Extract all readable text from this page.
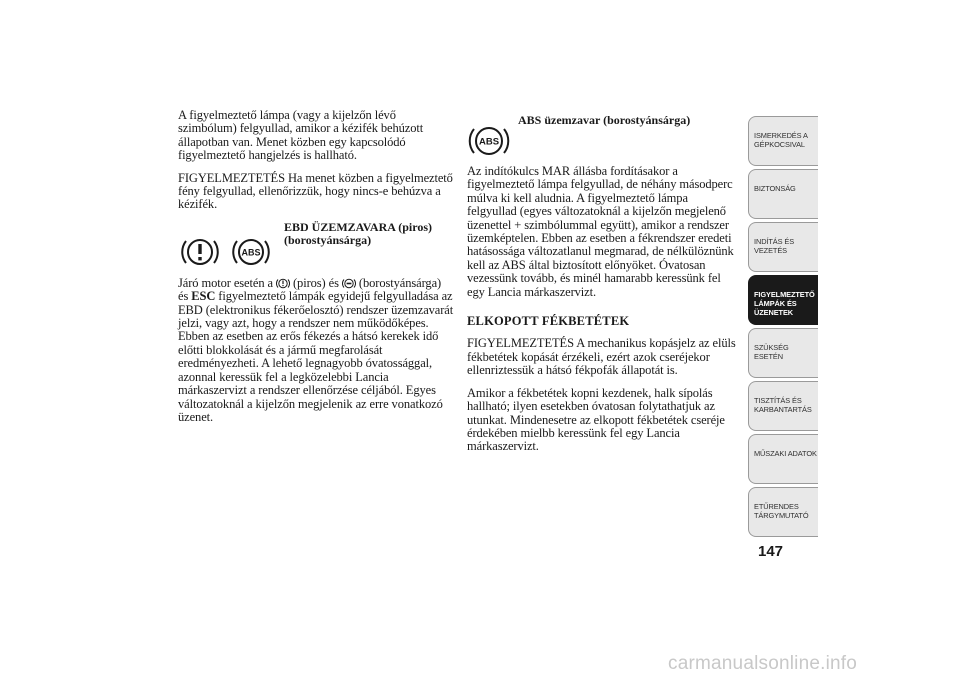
A figyelmeztető lámpa (vagy a kijelzőn lévő szimbólum) felgyullad, amikor a kézifék behúzott állapotban van. Menet közben egy kapcsolódó figyelmeztető hangjelzés is hallható.

FIGYELMEZTETÉS Ha menet közben a figyelmeztető fény felgyullad, ellenőrizzük, hogy nincs-e behúzva a kézifék.

ABS
EBD ÜZEMZAVARA (piros)
(borostyánsárga)

Járó motor esetén a  (piros) és  (borostyánsárga) és ESC figyelmeztető lámpák egyidejű felgyulladása az EBD (elektronikus fékerőelosztó) rendszer üzemzavarát jelzi, vagy azt, hogy a rendszer nem működőképes. Ebben az esetben az erős fékezés a hátsó kerekek idő előtti blokkolását és a jármű megfarolását eredményezheti. A lehető legnagyobb óvatossággal, azonnal keressük fel a legközelebbi Lancia márkaszervizt a rendszer ellenőrzése céljából. Egyes változatoknál a kijelzőn megjelenik az erre vonatkozó üzenet.

ABS
ABS üzemzavar (borostyánsárga)

Az indítókulcs MAR állásba fordításakor a figyelmeztető lámpa felgyullad, de néhány másodperc múlva ki kell aludnia. A figyelmeztető lámpa felgyullad (egyes változatoknál a kijelzőn megjelenő üzenettel + szimbólummal együtt), amikor a rendszer üzemképtelen. Ebben az esetben a fékrendszer eredeti hatásossága változatlanul megmarad, de nélkülöznünk kell az ABS által biztosított előnyöket. Óvatosan vezessünk tovább, és minél hamarabb keressünk fel egy Lancia márkaszervizt.

ELKOPOTT FÉKBETÉTEK

FIGYELMEZTETÉS A mechanikus kopásjelz az elüls fékbetétek kopását érzékeli, ezért azok cseréjekor ellenriztessük a hátsó fékpofák állapotát is.

Amikor a fékbetétek kopni kezdenek, halk sípolás hallható; ilyen esetekben óvatosan folytathatjuk az utunkat. Mindenesetre az elkopott fékbetétek cseréje érdekében mielbb keressünk fel egy Lancia márkaszervizt.

ISMERKEDÉS A
GÉPKOCSIVAL
BIZTONSÁG
INDÍTÁS ÉS
VEZETÉS
FIGYELMEZTETŐ
LÁMPÁK ÉS
ÜZENETEK
SZÜKSÉG ESETÉN
TISZTÍTÁS ÉS
KARBANTARTÁS
MŰSZAKI ADATOK
ETŰRENDES
TÁRGYMUTATÓ
147
carmanualsonline.info
